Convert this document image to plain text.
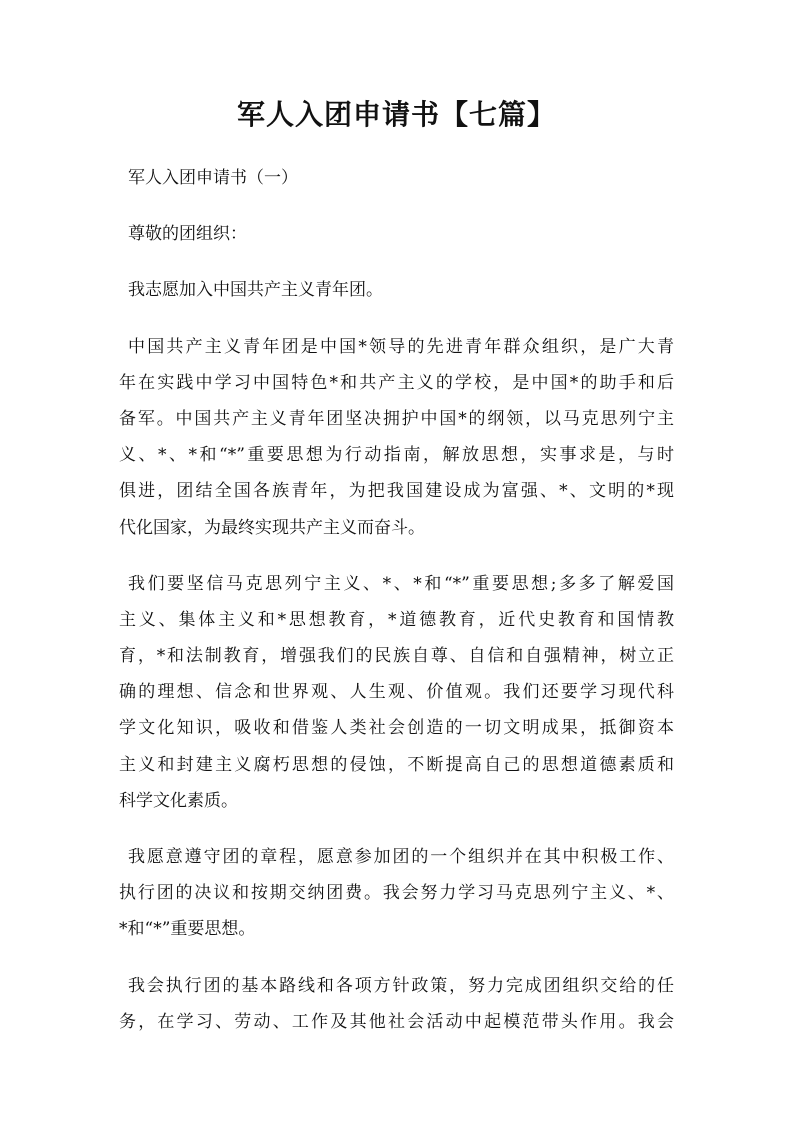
军人入团申请书【七篇】
军人入团申请书（一）
尊敬的团组织：
我志愿加入中国共产主义青年团。
中国共产主义青年团是中国*领导的先进青年群众组织，是广大青
年在实践中学习中国特色*和共产主义的学校，是中国*的助手和后
备军。中国共产主义青年团坚决拥护中国*的纲领，以马克思列宁主
义、*、*和“*”重要思想为行动指南，解放思想，实事求是，与时
俱进，团结全国各族青年，为把我国建设成为富强、*、文明的*现
代化国家，为最终实现共产主义而奋斗。
我们要坚信马克思列宁主义、*、*和“*”重要思想;多多了解爱国
主义、集体主义和*思想教育，*道德教育，近代史教育和国情教
育，*和法制教育，增强我们的民族自尊、自信和自强精神，树立正
确的理想、信念和世界观、人生观、价值观。我们还要学习现代科
学文化知识，吸收和借鉴人类社会创造的一切文明成果，抵御资本
主义和封建主义腐朽思想的侵蚀，不断提高自己的思想道德素质和
科学文化素质。
我愿意遵守团的章程，愿意参加团的一个组织并在其中积极工作、
执行团的决议和按期交纳团费。我会努力学习马克思列宁主义、*、
*和“*”重要思想。
我会执行团的基本路线和各项方针政策，努力完成团组织交给的任
务，在学习、劳动、工作及其他社会活动中起模范带头作用。我会
